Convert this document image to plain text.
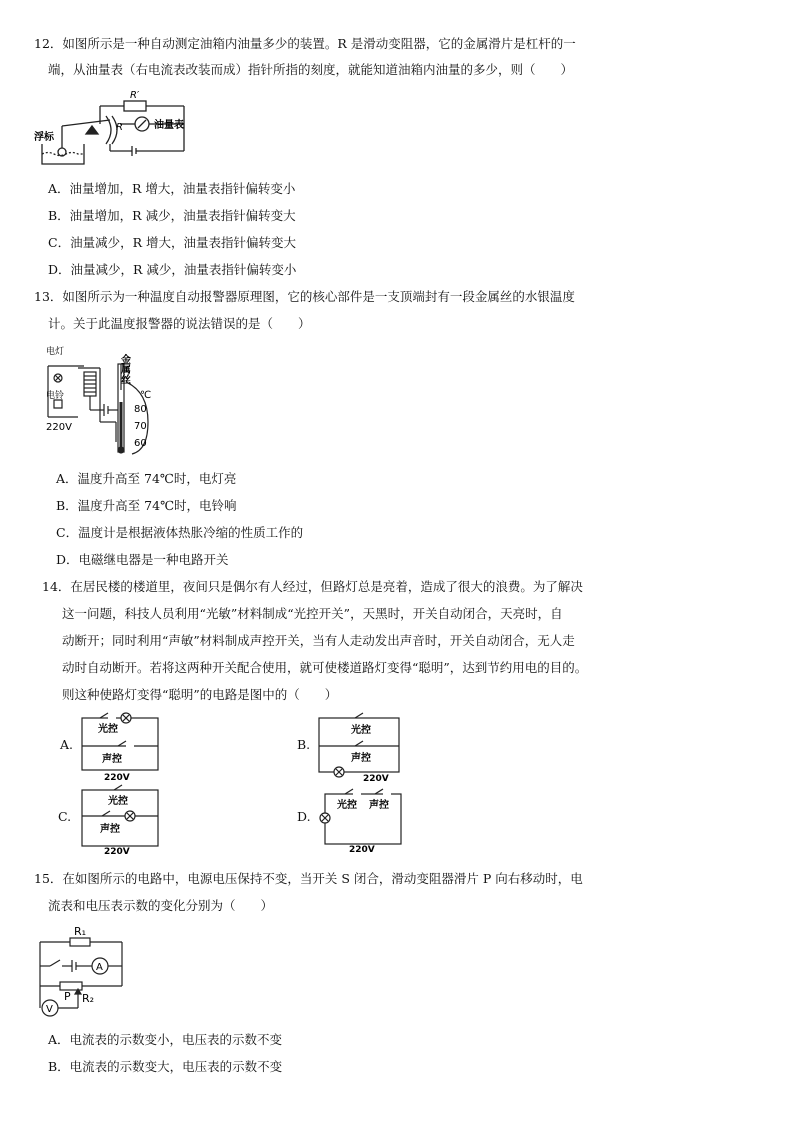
12．如图所示是一种自动测定油箱内油量多少的装置。R 是滑动变阻器，它的金属滑片是杠杆的一
端，从油量表（右电流表改装而成）指针所指的刻度，就能知道油箱内油量的多少，则（　　）
R′
R
浮标
油量表
A．油量增加，R 增大，油量表指针偏转变小
B．油量增加，R 减少，油量表指针偏转变大
C．油量减少，R 增大，油量表指针偏转变大
D．油量减少，R 减少，油量表指针偏转变小
13．如图所示为一种温度自动报警器原理图，它的核心部件是一支顶端封有一段金属丝的水银温度
计。关于此温度报警器的说法错误的是（　　）
电灯
电铃
220V
金属丝
℃
80
70
60
A．温度升高至 74℃时，电灯亮
B．温度升高至 74℃时，电铃响
C．温度计是根据液体热胀冷缩的性质工作的
D．电磁继电器是一种电路开关
14．在居民楼的楼道里，夜间只是偶尔有人经过，但路灯总是亮着，造成了很大的浪费。为了解决
这一问题，科技人员利用“光敏”材料制成“光控开关”，天黑时，开关自动闭合，天亮时，自
动断开；同时利用“声敏”材料制成声控开关，当有人走动发出声音时，开关自动闭合，无人走
动时自动断开。若将这两种开关配合使用，就可使楼道路灯变得“聪明”，达到节约用电的目的。
则这种使路灯变得“聪明”的电路是图中的（　　）
A.
光控
声控
220V
B.
光控
声控
220V
C.
光控
声控
220V
D.
光控 声控
220V
15．在如图所示的电路中，电源电压保持不变，当开关 S 闭合，滑动变阻器滑片 P 向右移动时，电
流表和电压表示数的变化分别为（　　）
R₁
A
P R₂
V
A．电流表的示数变小，电压表的示数不变
B．电流表的示数变大，电压表的示数不变
